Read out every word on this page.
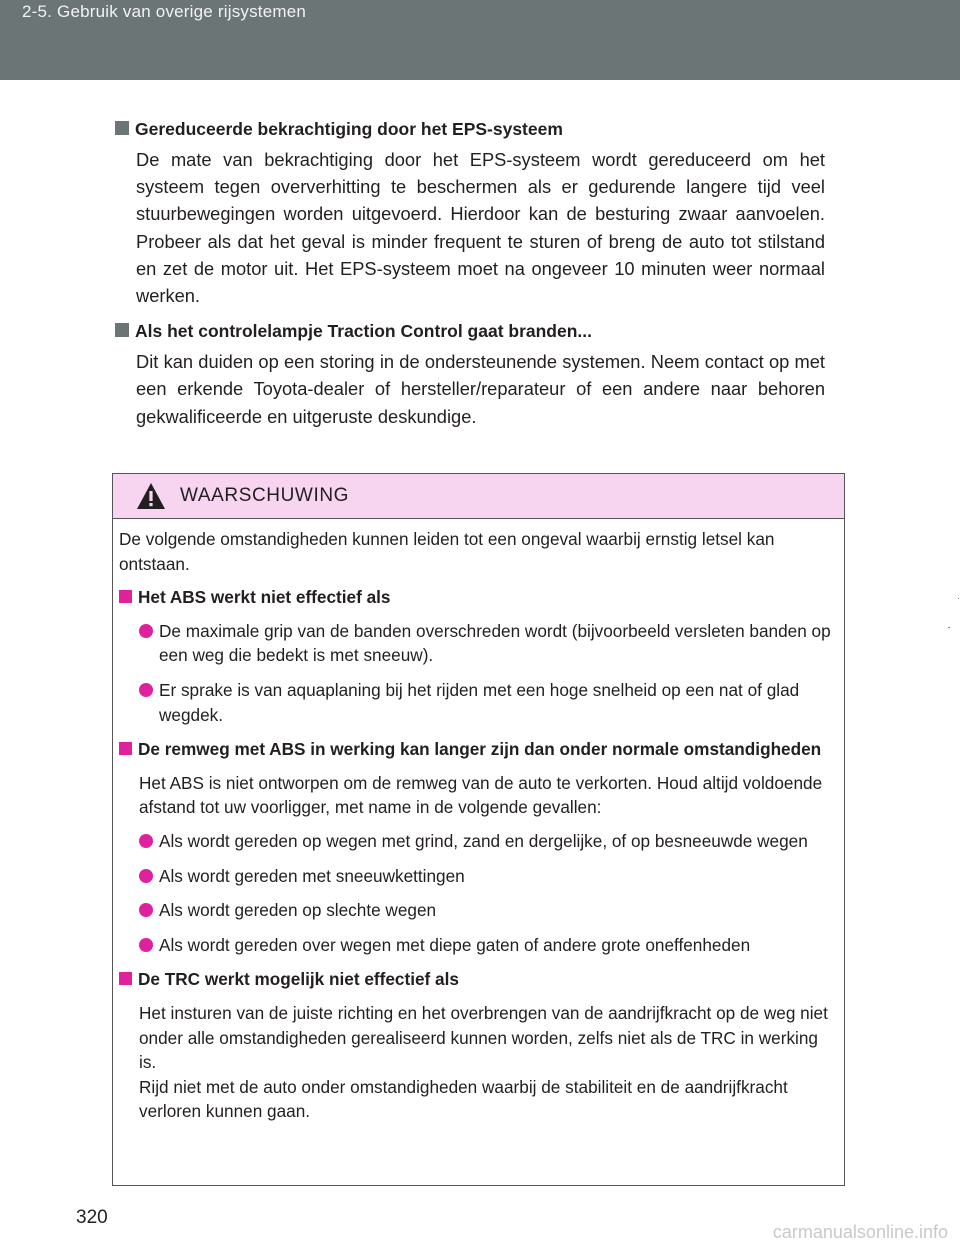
2-5. Gebruik van overige rijsystemen
Gereduceerde bekrachtiging door het EPS-systeem
De mate van bekrachtiging door het EPS-systeem wordt gereduceerd om het systeem tegen oververhitting te beschermen als er gedurende langere tijd veel stuurbewegingen worden uitgevoerd. Hierdoor kan de besturing zwaar aanvoelen. Probeer als dat het geval is minder frequent te sturen of breng de auto tot stilstand en zet de motor uit. Het EPS-systeem moet na ongeveer 10 minuten weer normaal werken.
Als het controlelampje Traction Control gaat branden...
Dit kan duiden op een storing in de ondersteunende systemen. Neem contact op met een erkende Toyota-dealer of hersteller/reparateur of een andere naar behoren gekwalificeerde en uitgeruste deskundige.
WAARSCHUWING
De volgende omstandigheden kunnen leiden tot een ongeval waarbij ernstig letsel kan ontstaan.
Het ABS werkt niet effectief als
De maximale grip van de banden overschreden wordt (bijvoorbeeld versleten banden op een weg die bedekt is met sneeuw).
Er sprake is van aquaplaning bij het rijden met een hoge snelheid op een nat of glad wegdek.
De remweg met ABS in werking kan langer zijn dan onder normale omstandigheden
Het ABS is niet ontworpen om de remweg van de auto te verkorten. Houd altijd voldoende afstand tot uw voorligger, met name in de volgende gevallen:
Als wordt gereden op wegen met grind, zand en dergelijke, of op besneeuwde wegen
Als wordt gereden met sneeuwkettingen
Als wordt gereden op slechte wegen
Als wordt gereden over wegen met diepe gaten of andere grote oneffenheden
De TRC werkt mogelijk niet effectief als
Het insturen van de juiste richting en het overbrengen van de aandrijfkracht op de weg niet onder alle omstandigheden gerealiseerd kunnen worden, zelfs niet als de TRC in werking is.
Rijd niet met de auto onder omstandigheden waarbij de stabiliteit en de aandrijfkracht verloren kunnen gaan.
320
carmanualsonline.info
